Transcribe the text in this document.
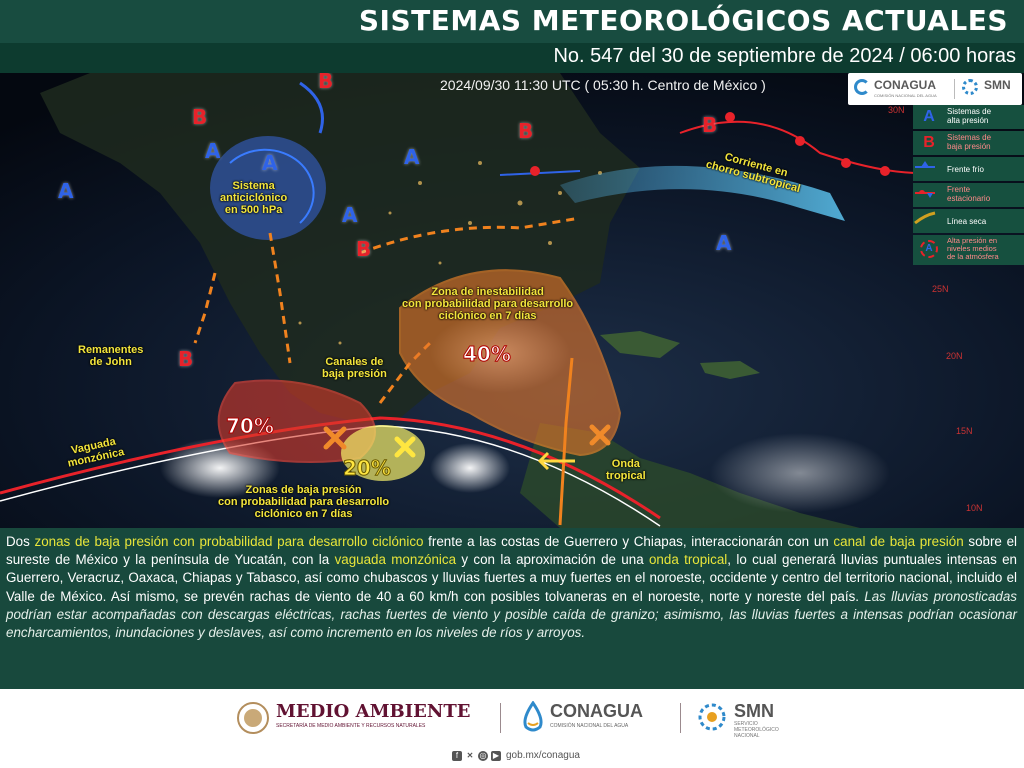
SISTEMAS METEOROLÓGICOS ACTUALES
No. 547 del 30 de septiembre de 2024 / 06:00 horas
2024/09/30 11:30 UTC ( 05:30 h. Centro de México )
B
B
A A
A
A
B	B
A
B	A
B
Sistema
anticiclónico
en 500 hPa
Remanentes
de John
Vaguada
monzónica
Canales de
baja presión
Zona de inestabilidad
con probabilidad para desarrollo
ciclónico en 7 días
Zonas de baja presión
con probabilidad para desarrollo
ciclónico en 7 días
Onda
tropical
Corriente en
chorro subtropical
70%
20%
40%
30N
25N
20N
15N
10N
CONAGUA
COMISIÓN NACIONAL DEL AGUA
SMN
A	Sistemas de
alta presión
B	Sistemas de
baja presión
Frente frío
Frente
estacionario
Línea seca
A
Alta presión en
niveles medios
de la atmósfera

Dos zonas de baja presión con probabilidad para desarrollo ciclónico frente a las costas de Guerrero y Chiapas, interaccionarán con un canal de baja presión sobre el sureste de México y la península de Yucatán, con la vaguada monzónica y con la aproximación de una onda tropical, lo cual generará lluvias puntuales intensas en Guerrero, Veracruz, Oaxaca, Chiapas y Tabasco, así como chubascos y lluvias fuertes a muy fuertes en el noroeste, occidente y centro del territorio nacional, incluido el Valle de México. Así mismo, se prevén rachas de viento de 40 a 60 km/h con posibles tolvaneras en el noroeste, norte y noreste del país. Las lluvias pronosticadas podrían estar acompañadas con descargas eléctricas, rachas fuertes de viento y posible caída de granizo; asimismo, las lluvias fuertes a intensas podrían ocasionar encharcamientos, inundaciones y deslaves, así como incremento en los niveles de ríos y arroyos.

MEDIO AMBIENTE
SECRETARÍA DE MEDIO AMBIENTE Y RECURSOS NATURALES
CONAGUA
COMISIÓN NACIONAL DEL AGUA
SMN
SERVICIO METEOROLÓGICO NACIONAL
f	✕ ◎ ▶ gob.mx/conagua
